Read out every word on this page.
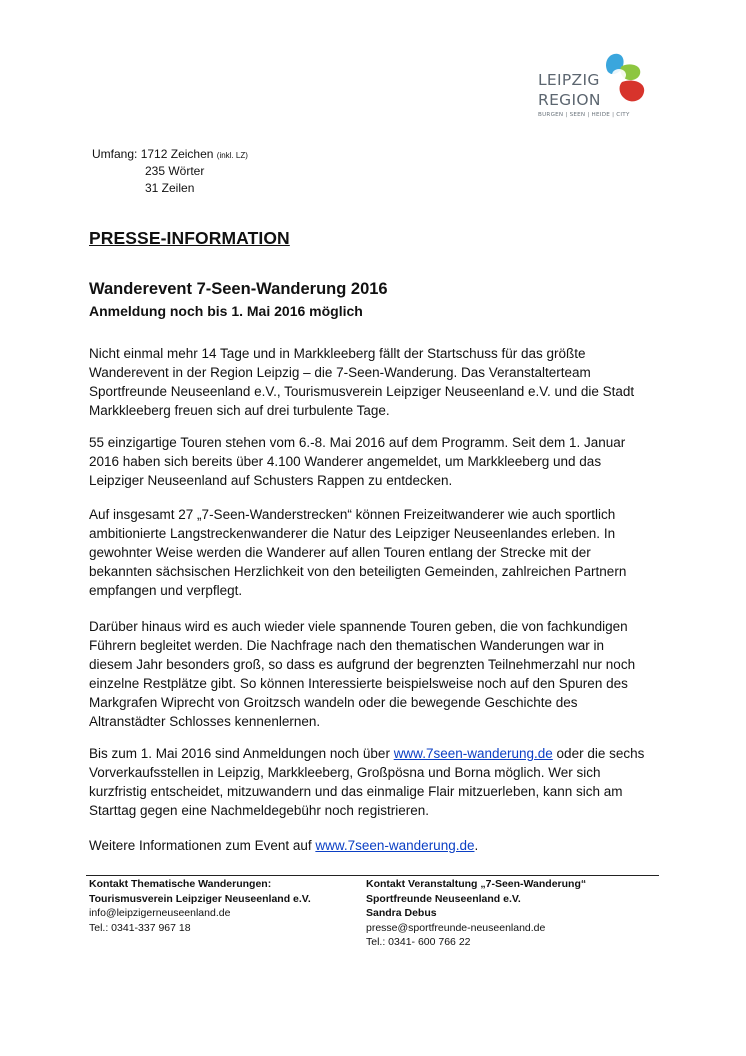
LEIPZIG
REGION
BURGEN | SEEN | HEIDE | CITY
Umfang: 1712 Zeichen (inkl. LZ)
235 Wörter
31 Zeilen
PRESSE-INFORMATION
Wanderevent 7-Seen-Wanderung 2016
Anmeldung noch bis 1. Mai 2016 möglich
Nicht einmal mehr 14 Tage und in Markkleeberg fällt der Startschuss für das größte
Wanderevent in der Region Leipzig – die 7-Seen-Wanderung. Das Veranstalterteam
Sportfreunde Neuseenland e.V., Tourismusverein Leipziger Neuseenland e.V. und die Stadt
Markkleeberg freuen sich auf drei turbulente Tage.
55 einzigartige Touren stehen vom 6.-8. Mai 2016 auf dem Programm. Seit dem 1. Januar
2016 haben sich bereits über 4.100 Wanderer angemeldet, um Markkleeberg und das
Leipziger Neuseenland auf Schusters Rappen zu entdecken.
Auf insgesamt 27 „7-Seen-Wanderstrecken“ können Freizeitwanderer wie auch sportlich
ambitionierte Langstreckenwanderer die Natur des Leipziger Neuseenlandes erleben. In
gewohnter Weise werden die Wanderer auf allen Touren entlang der Strecke mit der
bekannten sächsischen Herzlichkeit von den beteiligten Gemeinden, zahlreichen Partnern
empfangen und verpflegt.
Darüber hinaus wird es auch wieder viele spannende Touren geben, die von fachkundigen
Führern begleitet werden. Die Nachfrage nach den thematischen Wanderungen war in
diesem Jahr besonders groß, so dass es aufgrund der begrenzten Teilnehmerzahl nur noch
einzelne Restplätze gibt. So können Interessierte beispielsweise noch auf den Spuren des
Markgrafen Wiprecht von Groitzsch wandeln oder die bewegende Geschichte des
Altranstädter Schlosses kennenlernen.
Bis zum 1. Mai 2016 sind Anmeldungen noch über www.7seen-wanderung.de oder die sechs
Vorverkaufsstellen in Leipzig, Markkleeberg, Großpösna und Borna möglich. Wer sich
kurzfristig entscheidet, mitzuwandern und das einmalige Flair mitzuerleben, kann sich am
Starttag gegen eine Nachmeldegebühr noch registrieren.
Weitere Informationen zum Event auf www.7seen-wanderung.de.
Kontakt Thematische Wanderungen:
Tourismusverein Leipziger Neuseenland e.V.
info@leipzigerneuseenland.de
Tel.: 0341-337 967 18
Kontakt Veranstaltung „7-Seen-Wanderung“
Sportfreunde Neuseenland e.V.
Sandra Debus
presse@sportfreunde-neuseenland.de
Tel.: 0341- 600 766 22
